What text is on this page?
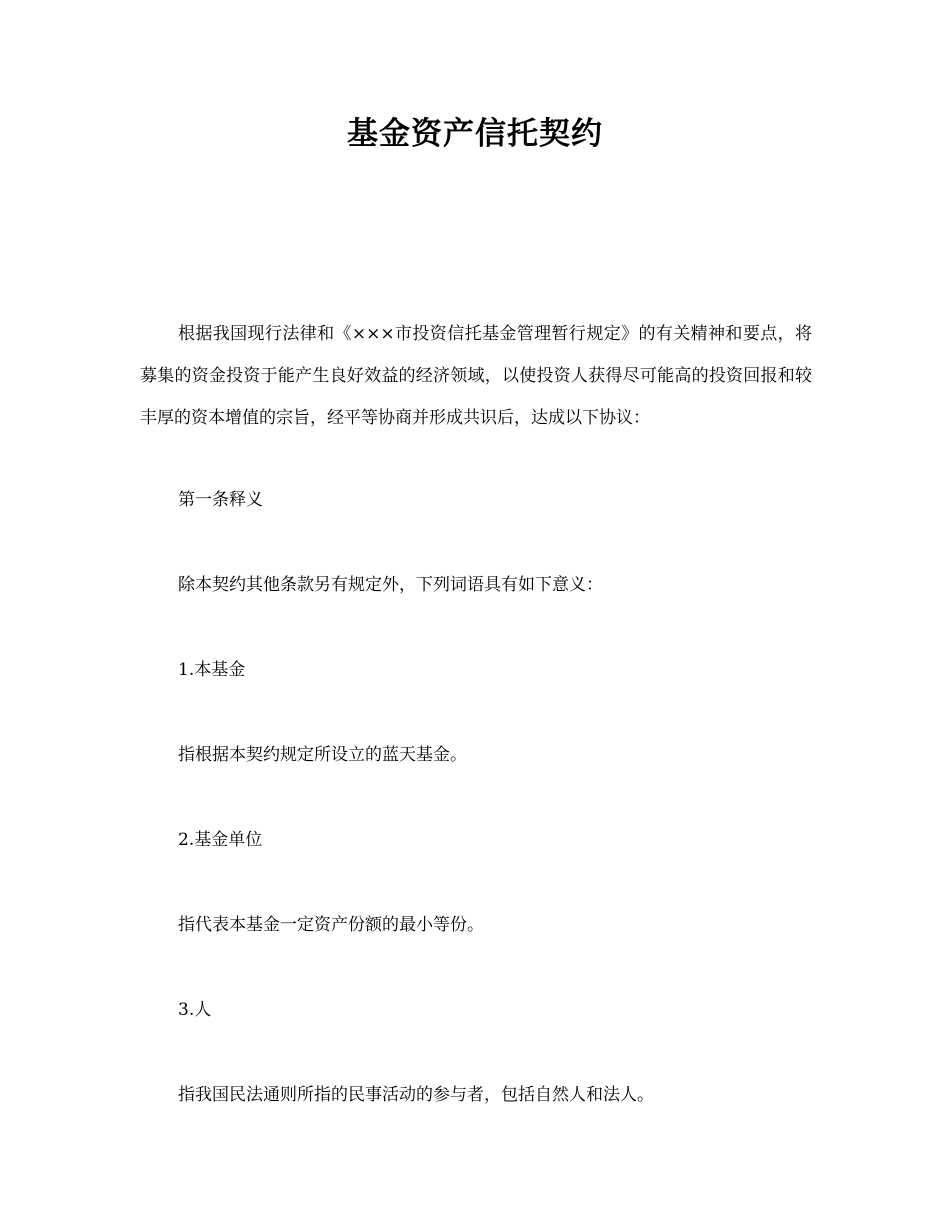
基金资产信托契约

根据我国现行法律和《×××市投资信托基金管理暂行规定》的有关精神和要点，将募集的资金投资于能产生良好效益的经济领域，以使投资人获得尽可能高的投资回报和较丰厚的资本增值的宗旨，经平等协商并形成共识后，达成以下协议：

第一条释义

除本契约其他条款另有规定外，下列词语具有如下意义：

1.本基金

指根据本契约规定所设立的蓝天基金。

2.基金单位

指代表本基金一定资产份额的最小等份。

3.人

指我国民法通则所指的民事活动的参与者，包括自然人和法人。
